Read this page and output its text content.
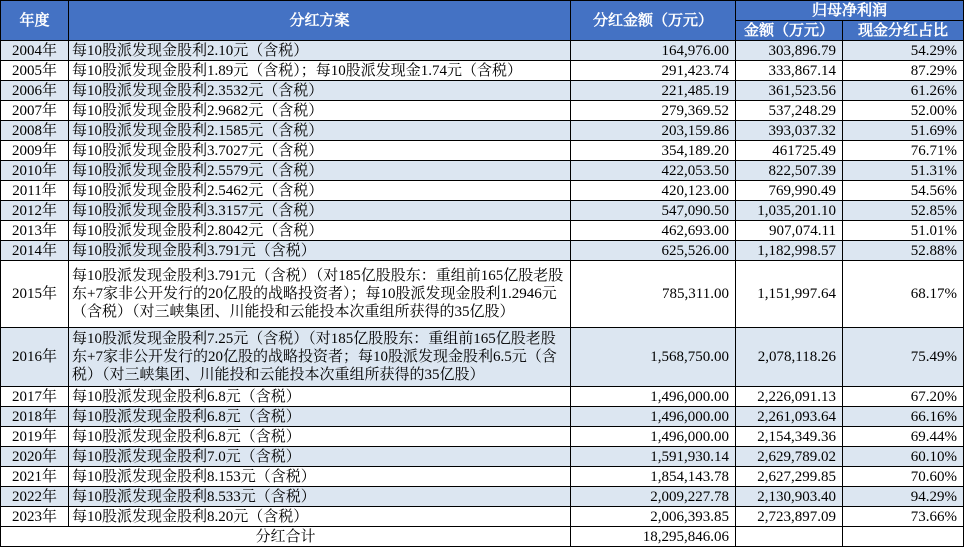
年度	分红方案	分红金额（万元）	归母净利润	
			金额（万元）	现金分红占比
2004年	每10股派发现金股利2.10元（含税）	164,976.00	303,896.79	54.29%
2005年	每10股派发现金股利1.89元（含税）；每10股派发现金1.74元（含税）	291,423.74	333,867.14	87.29%
2006年	每10股派发现金股利2.3532元（含税）	221,485.19	361,523.56	61.26%
2007年	每10股派发现金股利2.9682元（含税）	279,369.52	537,248.29	52.00%
2008年	每10股派发现金股利2.1585元（含税）	203,159.86	393,037.32	51.69%
2009年	每10股派发现金股利3.7027元（含税）	354,189.20	461725.49	76.71%
2010年	每10股派发现金股利2.5579元（含税）	422,053.50	822,507.39	51.31%
2011年	每10股派发现金股利2.5462元（含税）	420,123.00	769,990.49	54.56%
2012年	每10股派发现金股利3.3157元（含税）	547,090.50	1,035,201.10	52.85%
2013年	每10股派发现金股利2.8042元（含税）	462,693.00	907,074.11	51.01%
2014年	每10股派发现金股利3.791元（含税）	625,526.00	1,182,998.57	52.88%
2015年	每10股派发现金股利3.791元（含税）（对185亿股股东：重组前165亿股老股东+7家非公开发行的20亿股的战略投资者）；每10股派发现金股利1.2946元（含税）（对三峡集团、川能投和云能投本次重组所获得的35亿股）	785,311.00	1,151,997.64	68.17%
2016年	每10股派发现金股利7.25元（含税）（对185亿股股东：重组前165亿股老股东+7家非公开发行的20亿股的战略投资者；每10股派发现金股利6.5元（含税）（对三峡集团、川能投和云能投本次重组所获得的35亿股）	1,568,750.00	2,078,118.26	75.49%
2017年	每10股派发现金股利6.8元（含税）	1,496,000.00	2,226,091.13	67.20%
2018年	每10股派发现金股利6.8元（含税）	1,496,000.00	2,261,093.64	66.16%
2019年	每10股派发现金股利6.8元（含税）	1,496,000.00	2,154,349.36	69.44%
2020年	每10股派发现金股利7.0元（含税）	1,591,930.14	2,629,789.02	60.10%
2021年	每10股派发现金股利8.153元（含税）	1,854,143.78	2,627,299.85	70.60%
2022年	每10股派发现金股利8.533元（含税）	2,009,227.78	2,130,903.40	94.29%
2023年	每10股派发现金股利8.20元（含税）	2,006,393.85	2,723,897.09	73.66%
分红合计		18,295,846.06		
